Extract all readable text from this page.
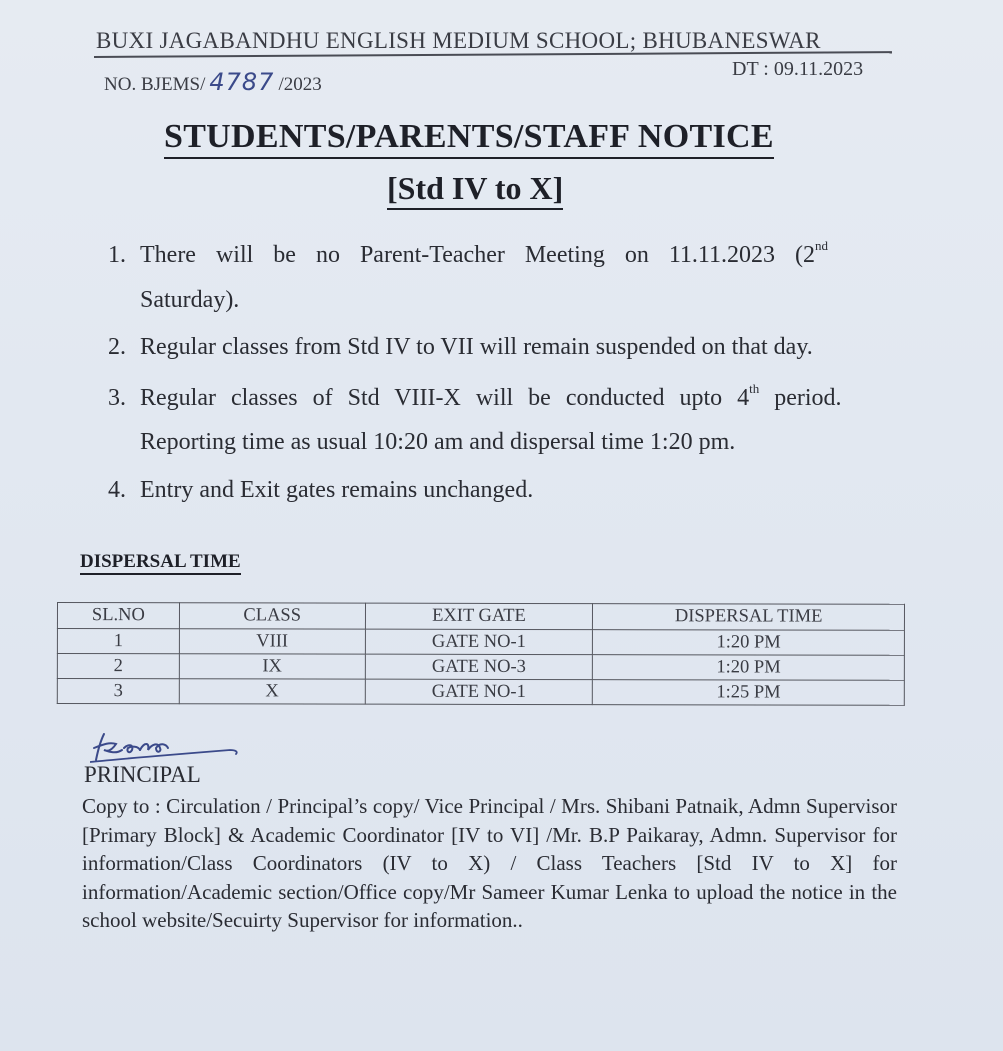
BUXI JAGABANDHU ENGLISH MEDIUM SCHOOL; BHUBANESWAR
NO. BJEMS/ 4787 /2023
DT : 09.11.2023
STUDENTS/PARENTS/STAFF NOTICE
[Std IV to X]
1. There will be no Parent-Teacher Meeting on 11.11.2023 (2nd
Saturday).
2. Regular classes from Std IV to VII will remain suspended on that day.
3. Regular classes of Std VIII-X will be conducted upto 4th period.
Reporting time as usual 10:20 am and dispersal time 1:20 pm.
4. Entry and Exit gates remains unchanged.
DISPERSAL TIME
SL.NO	CLASS	EXIT GATE	DISPERSAL TIME
1	VIII	GATE NO-1	1:20 PM
2	IX	GATE NO-3	1:20 PM
3	X	GATE NO-1	1:25 PM
PRINCIPAL
Copy to : Circulation / Principal’s copy/ Vice Principal / Mrs. Shibani Patnaik, Admn Supervisor [Primary Block] & Academic Coordinator [IV to VI] /Mr. B.P Paikaray, Admn. Supervisor for information/Class Coordinators (IV to X) / Class Teachers [Std IV to X] for information/Academic section/Office copy/Mr Sameer Kumar Lenka to upload the notice in the school website/Secuirty Supervisor for information..
